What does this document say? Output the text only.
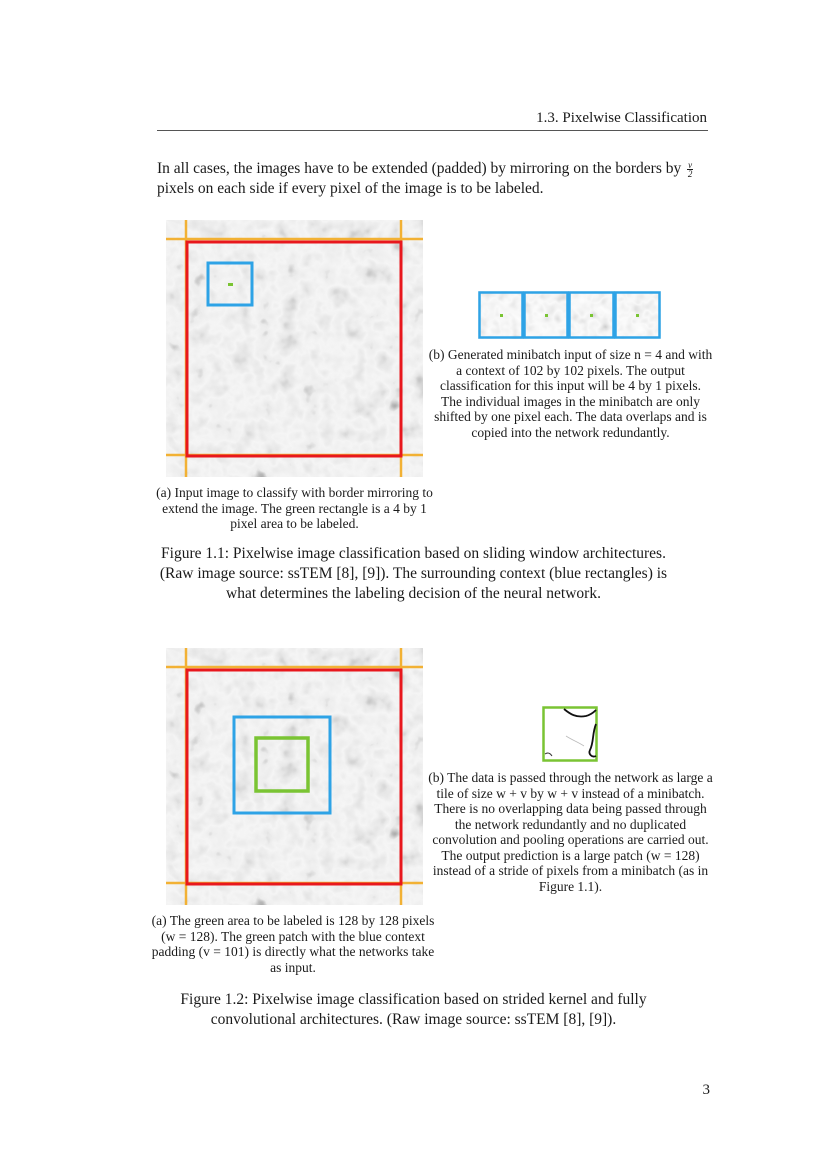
1.3. Pixelwise Classification
In all cases, the images have to be extended (padded) by mirroring on the borders by $\frac{v}{2}$
pixels on each side if every pixel of the image is to be labeled.
(a) Input image to classify with border mirroring to extend the image. The green rectangle is a 4 by 1 pixel area to be labeled.
(b) Generated minibatch input of size n = 4 and with a context of 102 by 102 pixels. The output classification for this input will be 4 by 1 pixels. The individual images in the minibatch are only shifted by one pixel each. The data overlaps and is copied into the network redundantly.
Figure 1.1: Pixelwise image classification based on sliding window architectures. (Raw image source: ssTEM [8], [9]). The surrounding context (blue rectangles) is what determines the labeling decision of the neural network.
(a) The green area to be labeled is 128 by 128 pixels (w = 128). The green patch with the blue context padding (v = 101) is directly what the networks take as input.
(b) The data is passed through the network as large a tile of size w + v by w + v instead of a minibatch. There is no overlapping data being passed through the network redundantly and no duplicated convolution and pooling operations are carried out. The output prediction is a large patch (w = 128) instead of a stride of pixels from a minibatch (as in Figure 1.1).
Figure 1.2: Pixelwise image classification based on strided kernel and fully convolutional architectures. (Raw image source: ssTEM [8], [9]).
3
